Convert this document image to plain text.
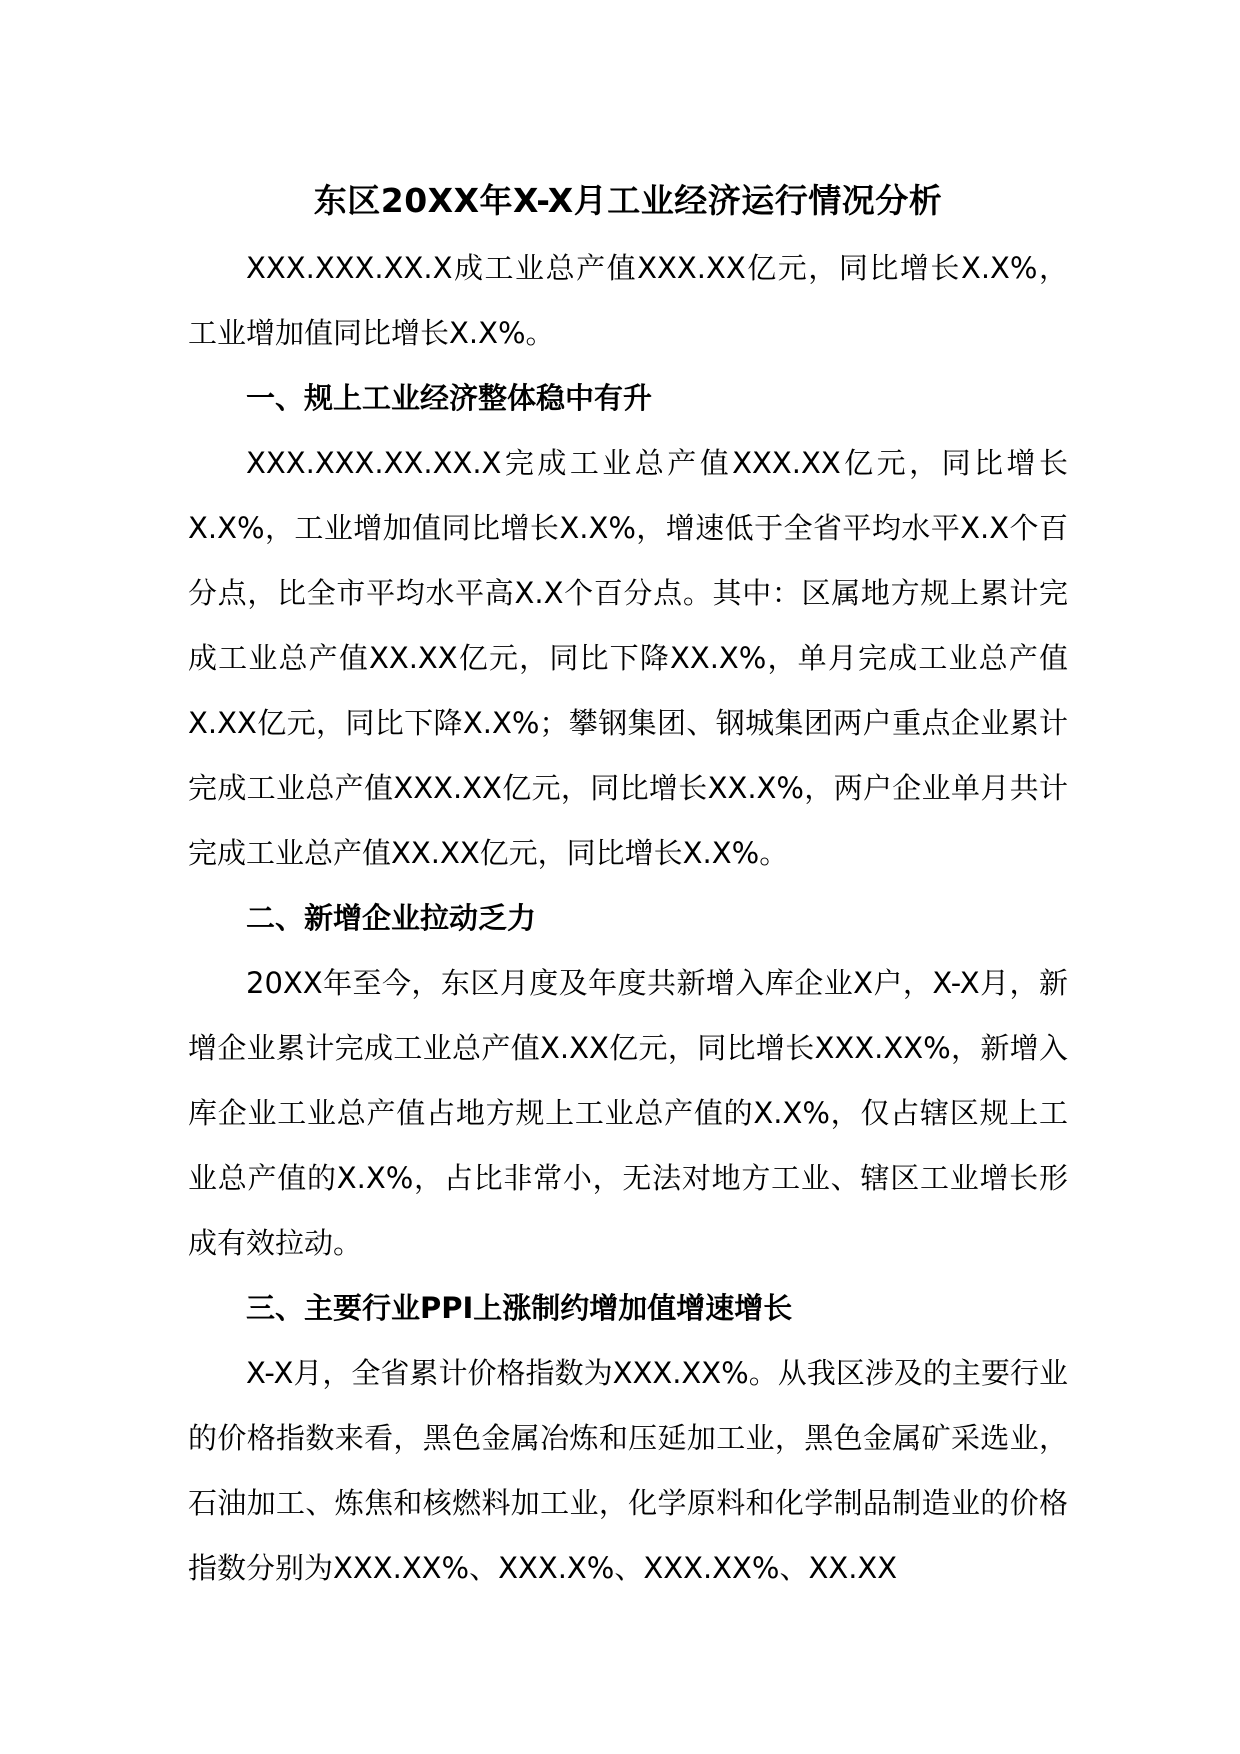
东区20XX年X-X月工业经济运行情况分析
XXX.XXX.XX.X成工业总产值XXX.XX亿元，同比增长X.X%，工业增加值同比增长X.X%。
一、规上工业经济整体稳中有升
XXX.XXX.XX.XX.X完成工业总产值XXX.XX亿元，同比增长X.X%，工业增加值同比增长X.X%，增速低于全省平均水平X.X个百分点，比全市平均水平高X.X个百分点。其中：区属地方规上累计完成工业总产值XX.XX亿元，同比下降XX.X%，单月完成工业总产值X.XX亿元，同比下降X.X%；攀钢集团、钢城集团两户重点企业累计完成工业总产值XXX.XX亿元，同比增长XX.X%，两户企业单月共计完成工业总产值XX.XX亿元，同比增长X.X%。
二、新增企业拉动乏力
20XX年至今，东区月度及年度共新增入库企业X户，X-X月，新增企业累计完成工业总产值X.XX亿元，同比增长XXX.XX%，新增入库企业工业总产值占地方规上工业总产值的X.X%，仅占辖区规上工业总产值的X.X%，占比非常小，无法对地方工业、辖区工业增长形成有效拉动。
三、主要行业PPI上涨制约增加值增速增长
X-X月，全省累计价格指数为XXX.XX%。从我区涉及的主要行业的价格指数来看，黑色金属冶炼和压延加工业，黑色金属矿采选业，石油加工、炼焦和核燃料加工业，化学原料和化学制品制造业的价格指数分别为XXX.XX%、XXX.X%、XXX.XX%、XX.XX
